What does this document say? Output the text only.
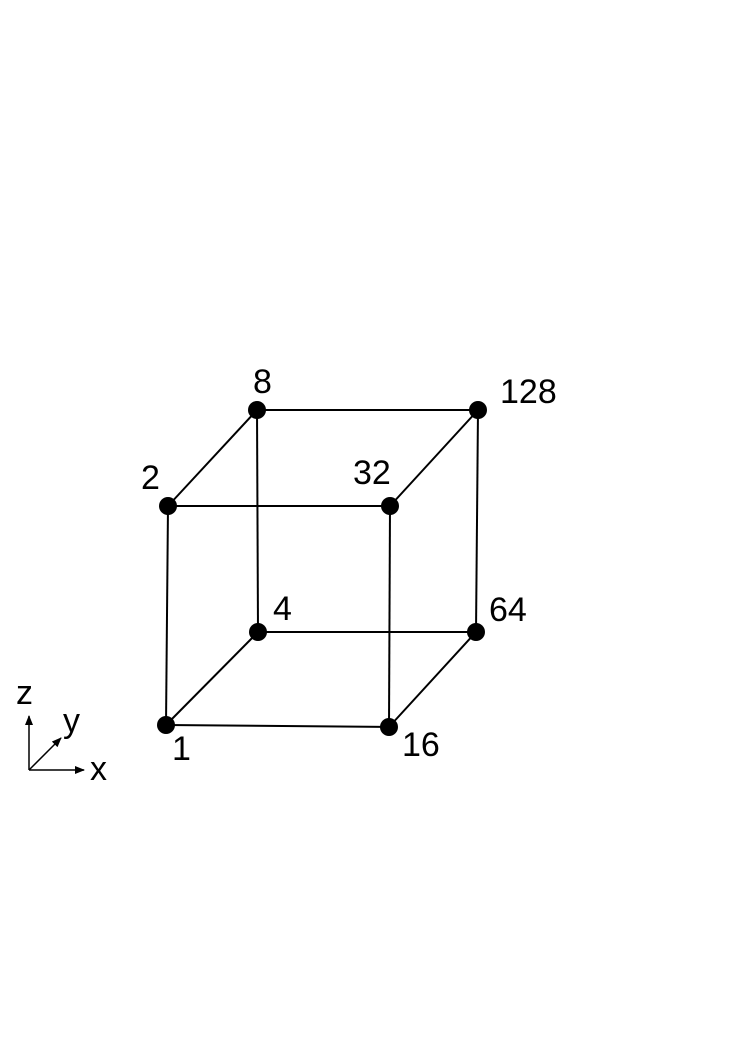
1
2
4
8
16
32
64
128
z
y
x
